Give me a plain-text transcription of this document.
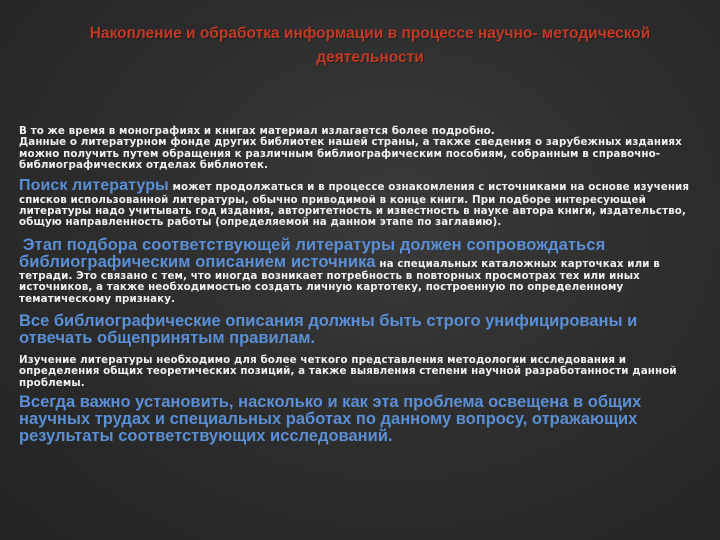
Накопление и обработка информации в процессе научно- методической деятельности

В то же время в монографиях и книгах материал излагается более подробно.

Данные о литературном фонде других библиотек нашей страны, а также сведения о зарубежных изданиях можно получить путем обращения к различным библиографическим пособиям, собранным в справочно- библиографических отделах библиотек.

Поиск литературы может продолжаться и в процессе ознакомления с источниками на основе изучения списков использованной литературы, обычно приводимой в конце книги. При подборе интересующей литературы надо учитывать год издания, авторитетность и известность в науке автора книги, издательство, общую направленность работы (определяемой на данном этапе по заглавию).

Этап подбора соответствующей литературы должен сопровождаться библиографическим описанием источника на специальных каталожных карточках или в тетради. Это связано с тем, что иногда возникает потребность в повторных просмотрах тех или иных источников, а также необходимостью создать личную картотеку, построенную по определенному тематическому признаку.

Все библиографические описания должны быть строго унифицированы и отвечать общепринятым правилам.

Изучение литературы необходимо для более четкого представления методологии исследования и определения общих теоретических позиций, а также выявления степени научной разработанности данной проблемы.

Всегда важно установить, насколько и как эта проблема освещена в общих научных трудах и специальных работах по данному вопросу, отражающих результаты соответствующих исследований.
